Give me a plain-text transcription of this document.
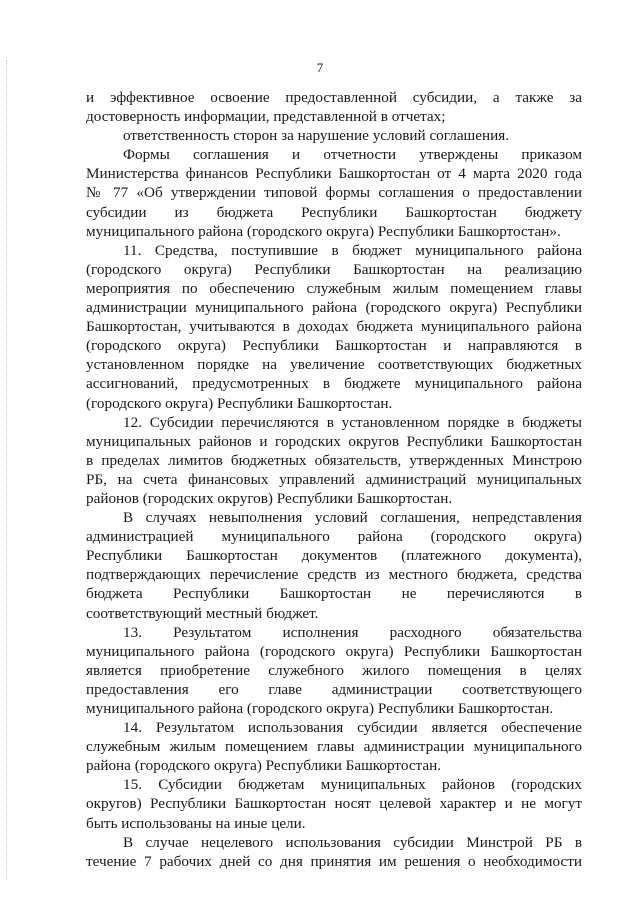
7
и эффективное освоение предоставленной субсидии, а также за
достоверность информации, представленной в отчетах;
ответственность сторон за нарушение условий соглашения.
Формы соглашения и отчетности утверждены приказом
Министерства финансов Республики Башкортостан от 4 марта 2020 года
№ 77 «Об утверждении типовой формы соглашения о предоставлении
субсидии из бюджета Республики Башкортостан бюджету
муниципального района (городского округа) Республики Башкортостан».
11. Средства, поступившие в бюджет муниципального района
(городского округа) Республики Башкортостан на реализацию
мероприятия по обеспечению служебным жилым помещением главы
администрации муниципального района (городского округа) Республики
Башкортостан, учитываются в доходах бюджета муниципального района
(городского округа) Республики Башкортостан и направляются в
установленном порядке на увеличение соответствующих бюджетных
ассигнований, предусмотренных в бюджете муниципального района
(городского округа) Республики Башкортостан.
12. Субсидии перечисляются в установленном порядке в бюджеты
муниципальных районов и городских округов Республики Башкортостан
в пределах лимитов бюджетных обязательств, утвержденных Минстрою
РБ, на счета финансовых управлений администраций муниципальных
районов (городских округов) Республики Башкортостан.
В случаях невыполнения условий соглашения, непредставления
администрацией муниципального района (городского округа)
Республики Башкортостан документов (платежного документа),
подтверждающих перечисление средств из местного бюджета, средства
бюджета Республики Башкортостан не перечисляются в
соответствующий местный бюджет.
13. Результатом исполнения расходного обязательства
муниципального района (городского округа) Республики Башкортостан
является приобретение служебного жилого помещения в целях
предоставления его главе администрации соответствующего
муниципального района (городского округа) Республики Башкортостан.
14. Результатом использования субсидии является обеспечение
служебным жилым помещением главы администрации муниципального
района (городского округа) Республики Башкортостан.
15. Субсидии бюджетам муниципальных районов (городских
округов) Республики Башкортостан носят целевой характер и не могут
быть использованы на иные цели.
В случае нецелевого использования субсидии Минстрой РБ в
течение 7 рабочих дней со дня принятия им решения о необходимости
